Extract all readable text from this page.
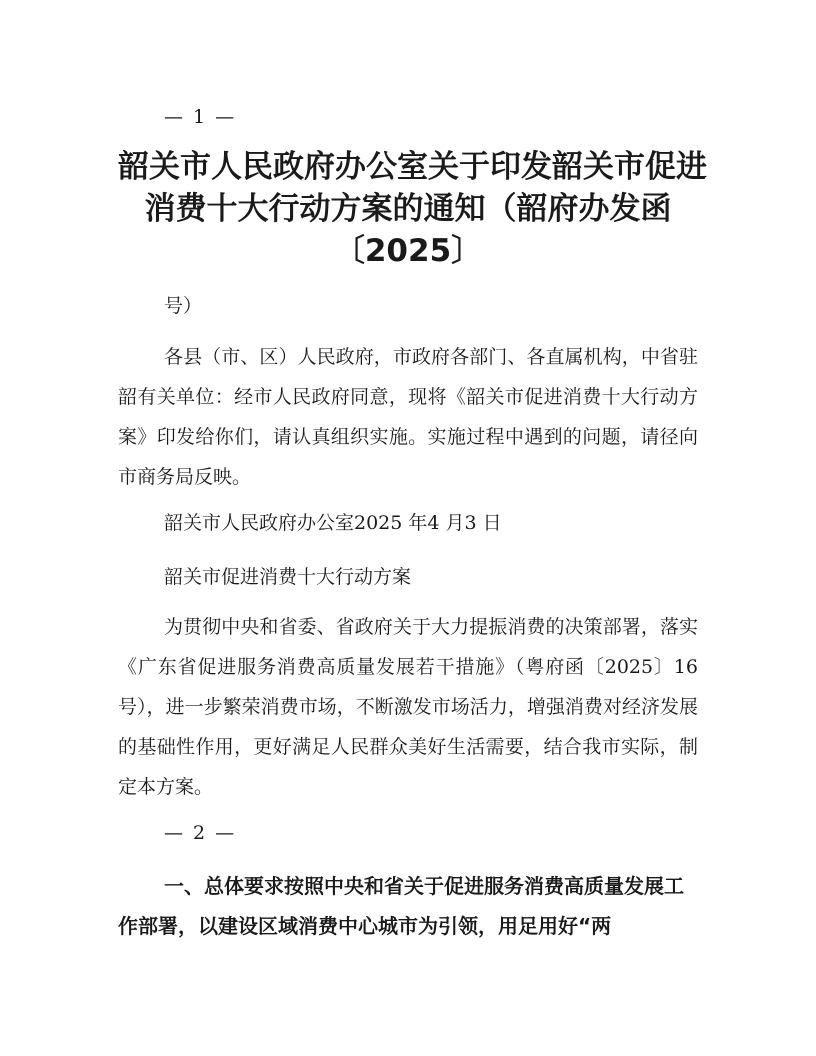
— 1 —
韶关市人民政府办公室关于印发韶关市促进
消费十大行动方案的通知（韶府办发函
〔2025〕
号）
各县（市、区）人民政府，市政府各部门、各直属机构，中省驻韶有关单位：经市人民政府同意，现将《韶关市促进消费十大行动方案》印发给你们，请认真组织实施。实施过程中遇到的问题，请径向市商务局反映。
韶关市人民政府办公室2025 年4 月3 日
韶关市促进消费十大行动方案
为贯彻中央和省委、省政府关于大力提振消费的决策部署，落实《广东省促进服务消费高质量发展若干措施》（粤府函〔2025〕16 号），进一步繁荣消费市场，不断激发市场活力，增强消费对经济发展的基础性作用，更好满足人民群众美好生活需要，结合我市实际，制定本方案。
— 2 —
一、总体要求按照中央和省关于促进服务消费高质量发展工作部署，以建设区域消费中心城市为引领，用足用好“两
